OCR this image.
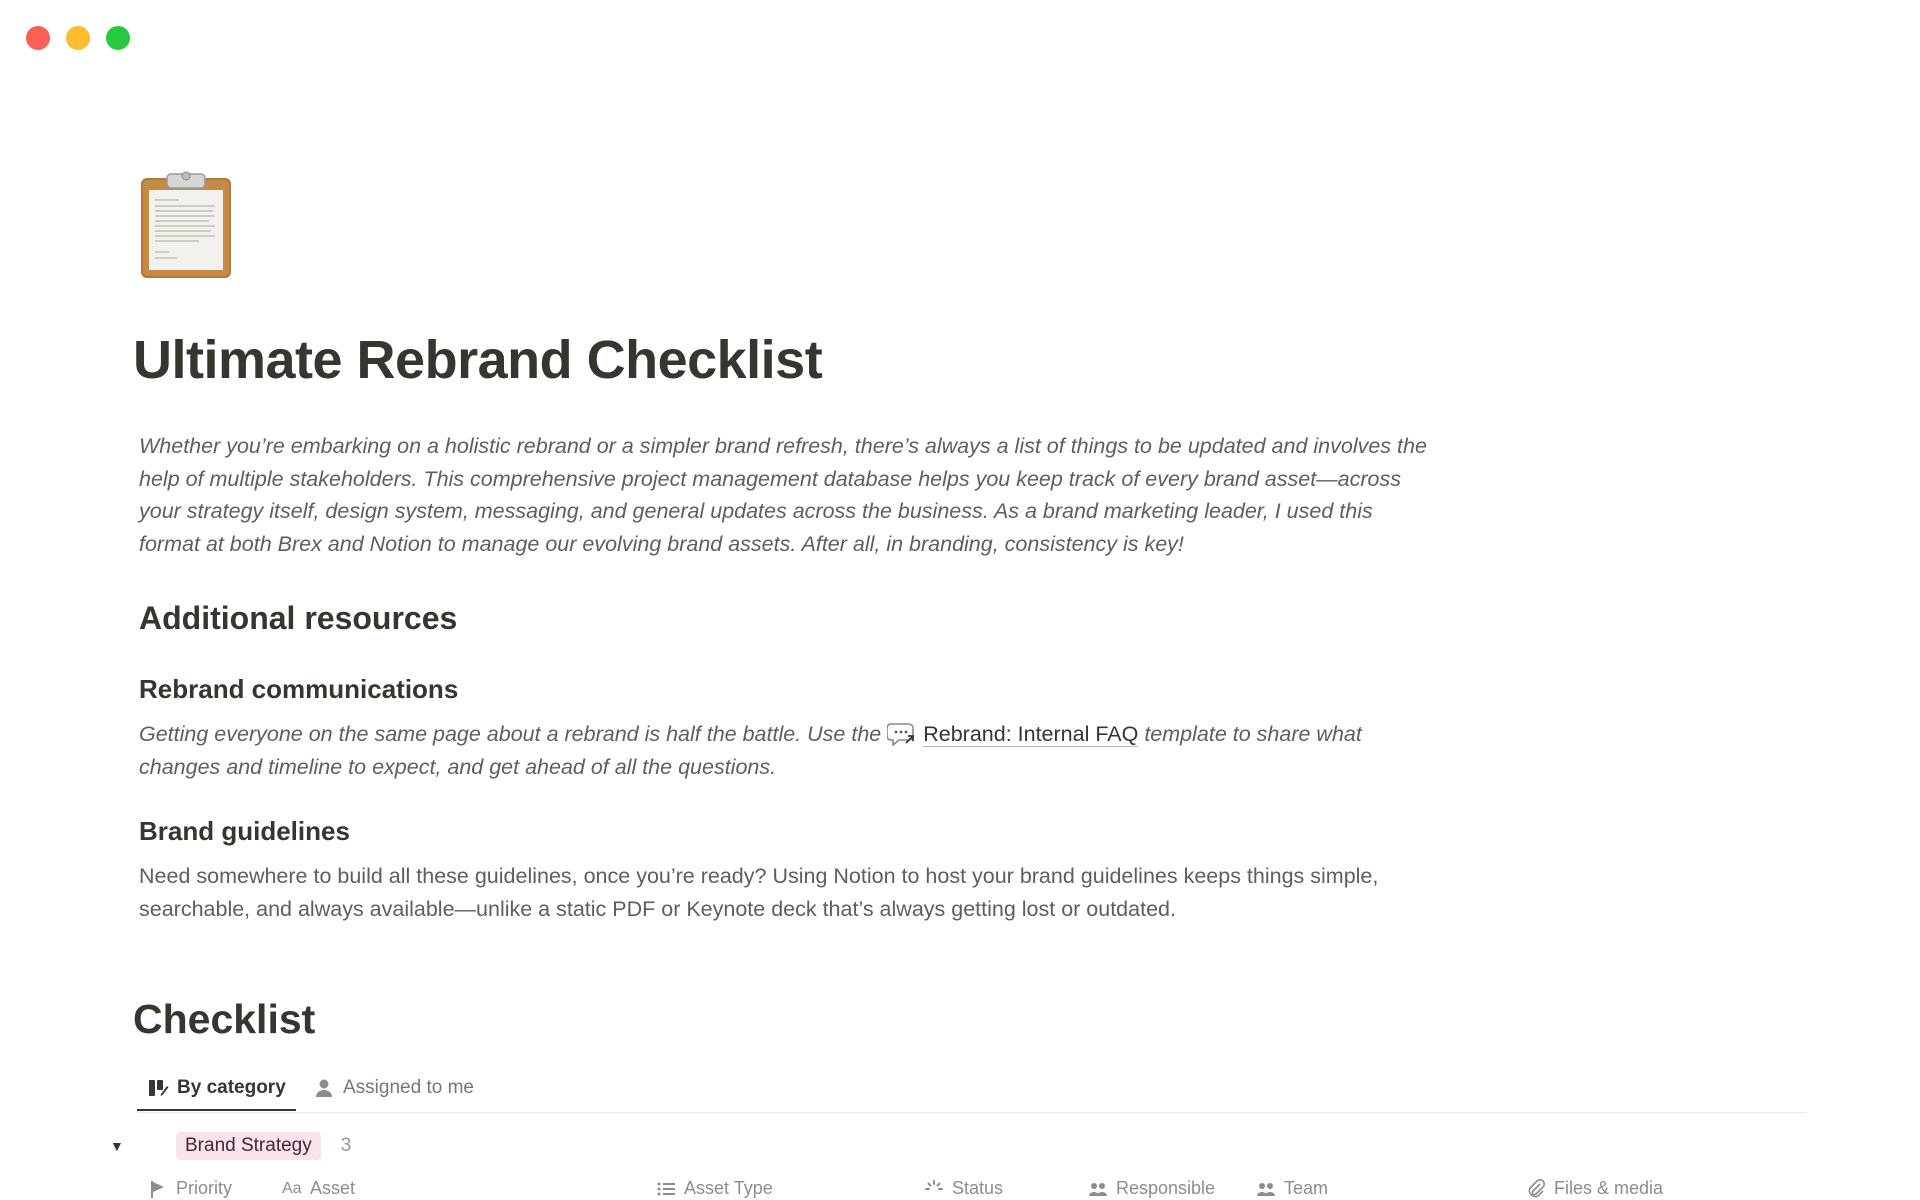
Ultimate Rebrand Checklist

Whether you’re embarking on a holistic rebrand or a simpler brand refresh, there’s always a list of things to be updated and involves the help of multiple stakeholders. This comprehensive project management database helps you keep track of every brand asset—across your strategy itself, design system, messaging, and general updates across the business. As a brand marketing leader, I used this format at both Brex and Notion to manage our evolving brand assets. After all, in branding, consistency is key!

Additional resources
Rebrand communications

Getting everyone on the same page about a rebrand is half the battle. Use the Rebrand: Internal FAQ template to share what changes and timeline to expect, and get ahead of all the questions.

Brand guidelines

Need somewhere to build all these guidelines, once you’re ready? Using Notion to host your brand guidelines keeps things simple, searchable, and always available—unlike a static PDF or Keynote deck that’s always getting lost or outdated.

Checklist
By category	Assigned to me
▼	Brand Strategy	3
Priority	Aa Asset	Asset Type	Status	Responsible	Team	Files & media
